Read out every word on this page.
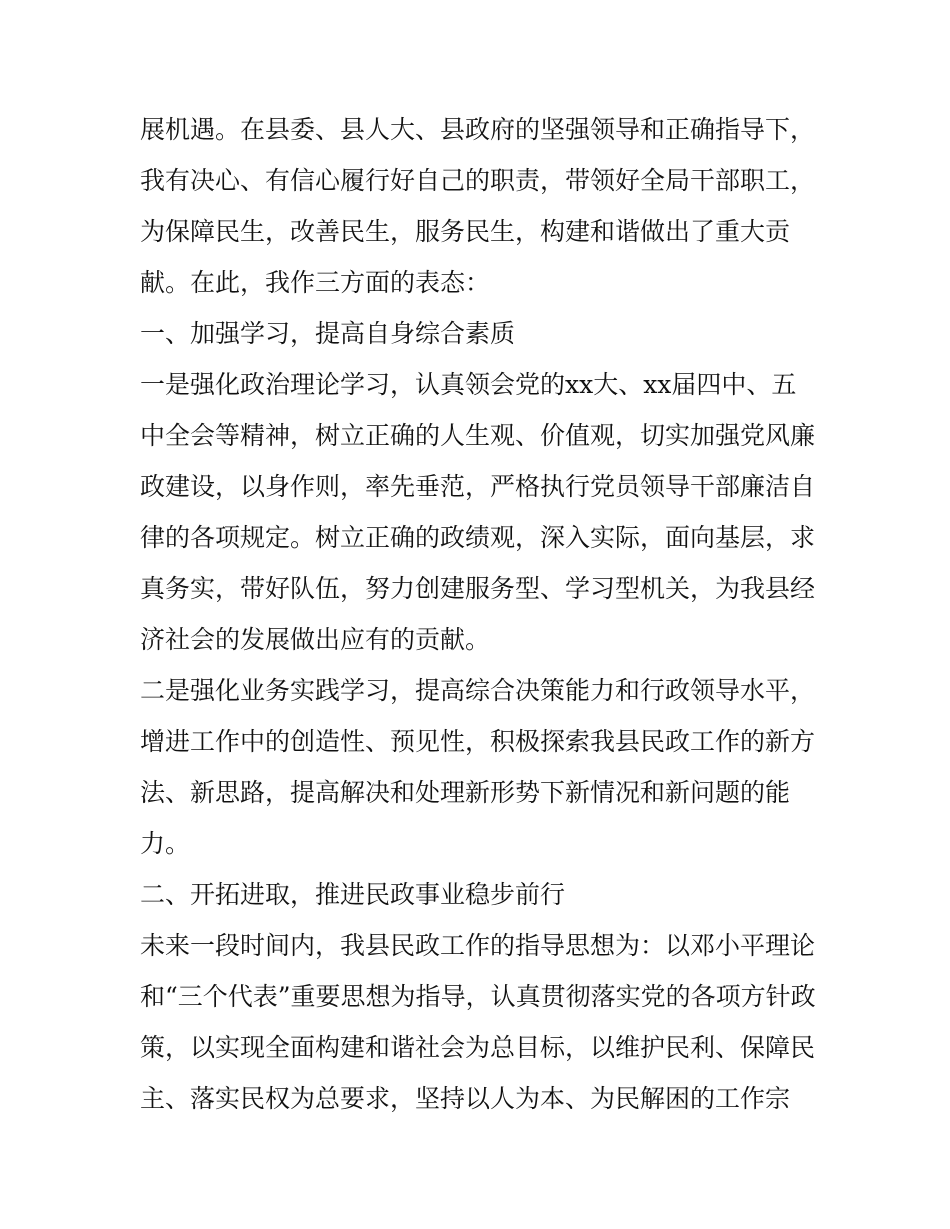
展机遇。在县委、县人大、县政府的坚强领导和正确指导下，
我有决心、有信心履行好自己的职责，带领好全局干部职工，
为保障民生，改善民生，服务民生，构建和谐做出了重大贡
献。在此，我作三方面的表态：
一、加强学习，提高自身综合素质
一是强化政治理论学习，认真领会党的xx大、xx届四中、五
中全会等精神，树立正确的人生观、价值观，切实加强党风廉
政建设，以身作则，率先垂范，严格执行党员领导干部廉洁自
律的各项规定。树立正确的政绩观，深入实际，面向基层，求
真务实，带好队伍，努力创建服务型、学习型机关，为我县经
济社会的发展做出应有的贡献。
二是强化业务实践学习，提高综合决策能力和行政领导水平，
增进工作中的创造性、预见性，积极探索我县民政工作的新方
法、新思路，提高解决和处理新形势下新情况和新问题的能
力。
二、开拓进取，推进民政事业稳步前行
未来一段时间内，我县民政工作的指导思想为：以邓小平理论
和“三个代表”重要思想为指导，认真贯彻落实党的各项方针政
策，以实现全面构建和谐社会为总目标，以维护民利、保障民
主、落实民权为总要求，坚持以人为本、为民解困的工作宗
